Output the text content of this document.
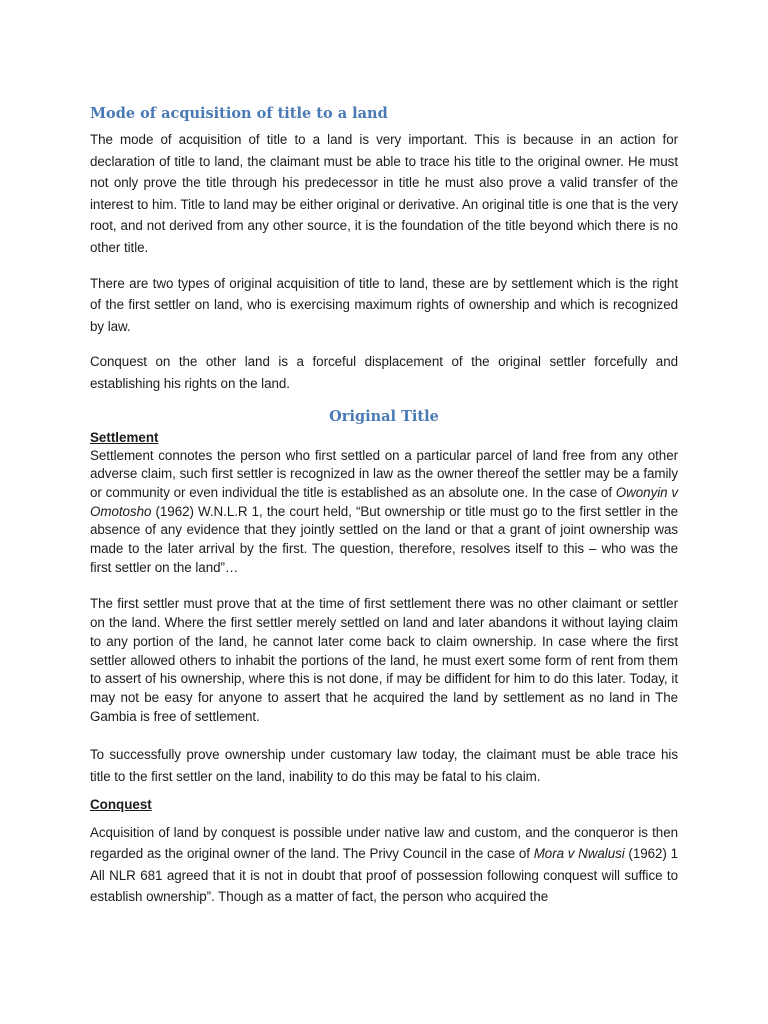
Mode of acquisition of title to a land

The mode of acquisition of title to a land is very important. This is because in an action for declaration of title to land, the claimant must be able to trace his title to the original owner. He must not only prove the title through his predecessor in title he must also prove a valid transfer of the interest to him. Title to land may be either original or derivative. An original title is one that is the very root, and not derived from any other source, it is the foundation of the title beyond which there is no other title.

There are two types of original acquisition of title to land, these are by settlement which is the right of the first settler on land, who is exercising maximum rights of ownership and which is recognized by law.

Conquest on the other land is a forceful displacement of the original settler forcefully and establishing his rights on the land.

Original Title
Settlement

Settlement connotes the person who first settled on a particular parcel of land free from any other adverse claim, such first settler is recognized in law as the owner thereof the settler may be a family or community or even individual the title is established as an absolute one. In the case of Owonyin v Omotosho (1962) W.N.L.R 1, the court held, “But ownership or title must go to the first settler in the absence of any evidence that they jointly settled on the land or that a grant of joint ownership was made to the later arrival by the first. The question, therefore, resolves itself to this – who was the first settler on the land”…

The first settler must prove that at the time of first settlement there was no other claimant or settler on the land. Where the first settler merely settled on land and later abandons it without laying claim to any portion of the land, he cannot later come back to claim ownership. In case where the first settler allowed others to inhabit the portions of the land, he must exert some form of rent from them to assert of his ownership, where this is not done, if may be diffident for him to do this later. Today, it may not be easy for anyone to assert that he acquired the land by settlement as no land in The Gambia is free of settlement.

To successfully prove ownership under customary law today, the claimant must be able trace his title to the first settler on the land, inability to do this may be fatal to his claim.

Conquest

Acquisition of land by conquest is possible under native law and custom, and the conqueror is then regarded as the original owner of the land. The Privy Council in the case of Mora v Nwalusi (1962) 1 All NLR 681 agreed that it is not in doubt that proof of possession following conquest will suffice to establish ownership”. Though as a matter of fact, the person who acquired the
